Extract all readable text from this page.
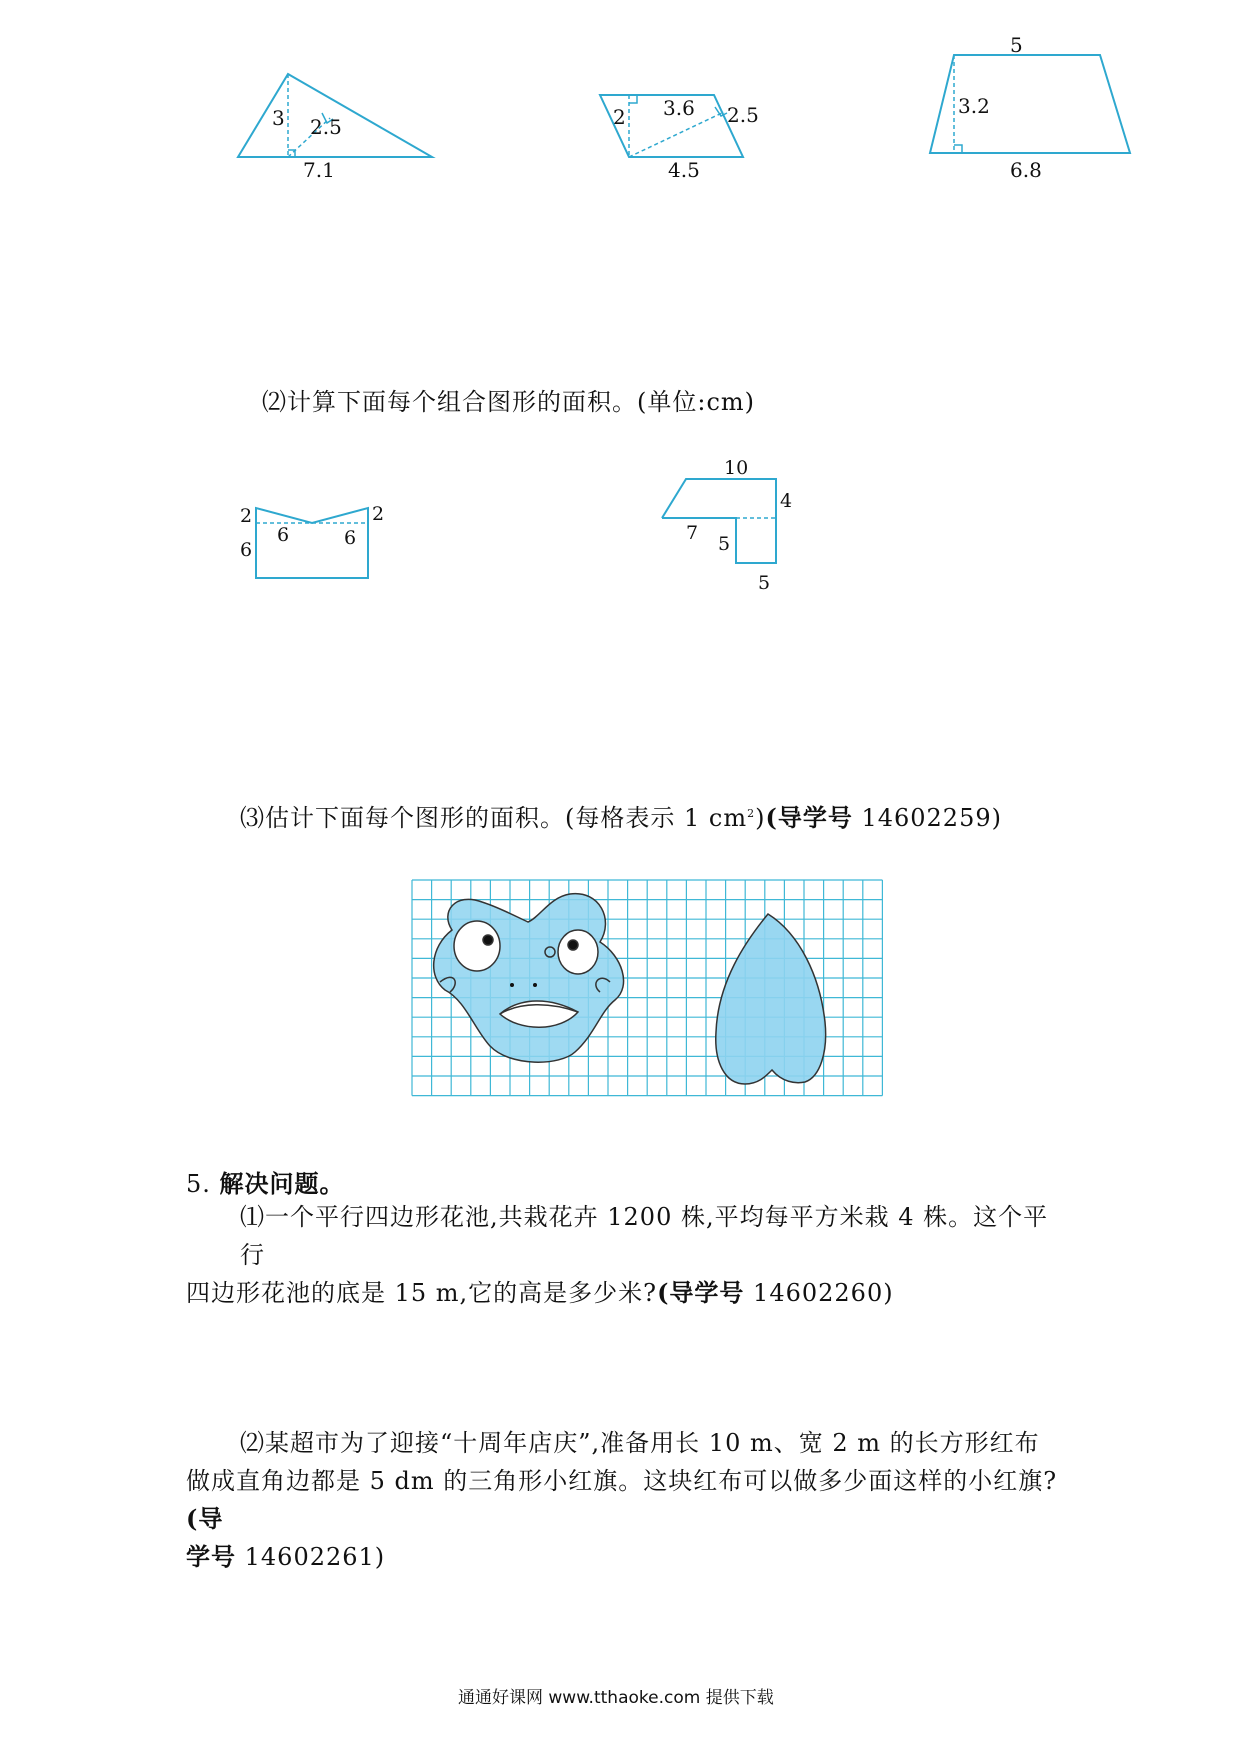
3 2.5
7.1
2 3.6 2.5
4.5
5
3.2
6.8
⑵计算下面每个组合图形的面积。(单位:cm)
2
6
6	6
2
10
4
7 5
5
⑶估计下面每个图形的面积。(每格表示 1 $cm^2$)(导学号 14602259)
5. 解决问题。
⑴一个平行四边形花池,共栽花卉 1200 株,平均每平方米栽 4 株。这个平行
四边形花池的底是 15 m,它的高是多少米?(导学号 14602260)
⑵某超市为了迎接“十周年店庆”,准备用长 10 m、宽 2 m 的长方形红布
做成直角边都是 5 dm 的三角形小红旗。这块红布可以做多少面这样的小红旗?(导
学号 14602261)
通通好课网 www.tthaoke.com 提供下载
